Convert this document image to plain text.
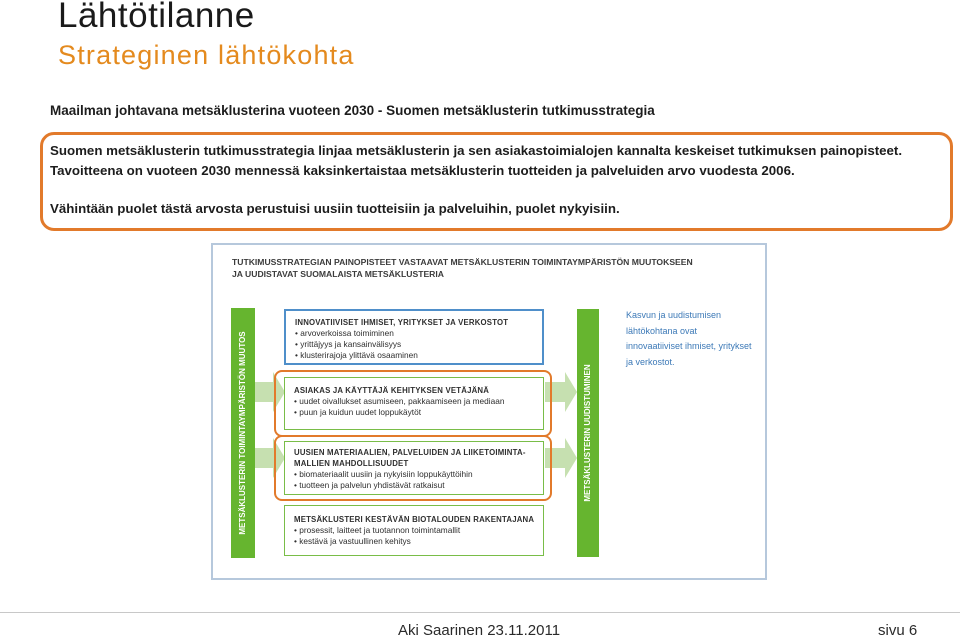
Lähtötilanne
Strateginen lähtökohta
Maailman johtavana metsäklusterina vuoteen 2030 - Suomen metsäklusterin tutkimusstrategia

Suomen metsäklusterin tutkimusstrategia linjaa metsäklusterin ja sen asiakastoimialojen kannalta keskeiset tutkimuksen painopisteet. Tavoitteena on vuoteen 2030 mennessä kaksinkertaistaa metsäklusterin tuotteiden ja palveluiden arvo vuodesta 2006.

Vähintään puolet tästä arvosta perustuisi uusiin tuotteisiin ja palveluihin, puolet nykyisiin.

TUTKIMUSSTRATEGIAN PAINOPISTEET VASTAAVAT METSÄKLUSTERIN TOIMINTAYMPÄRISTÖN MUUTOKSEEN
JA UUDISTAVAT SUOMALAISTA METSÄKLUSTERIA
METSÄKLUSTERIN TOIMINTAYMPÄRISTÖN MUUTOS	METSÄKLUSTERIN UUDISTUMINEN
INNOVATIIVISET IHMISET, YRITYKSET JA VERKOSTOT
• arvoverkoissa toimiminen
• yrittäjyys ja kansainvälisyys
• klusterirajoja ylittävä osaaminen
ASIAKAS JA KÄYTTÄJÄ KEHITYKSEN VETÄJÄNÄ
• uudet oivallukset asumiseen, pakkaamiseen ja mediaan
• puun ja kuidun uudet loppukäytöt
UUSIEN MATERIAALIEN, PALVELUIDEN JA LIIKETOIMINTA-MALLIEN MAHDOLLISUUDET
• biomateriaalit uusiin ja nykyisiin loppukäyttöihin
• tuotteen ja palvelun yhdistävät ratkaisut
METSÄKLUSTERI KESTÄVÄN BIOTALOUDEN RAKENTAJANA
• prosessit, laitteet ja tuotannon toimintamallit
• kestävä ja vastuullinen kehitys
Kasvun ja uudistumisen lähtökohtana ovat innovaatiiviset ihmiset, yritykset ja verkostot.
Aki Saarinen 23.11.2011	sivu 6
